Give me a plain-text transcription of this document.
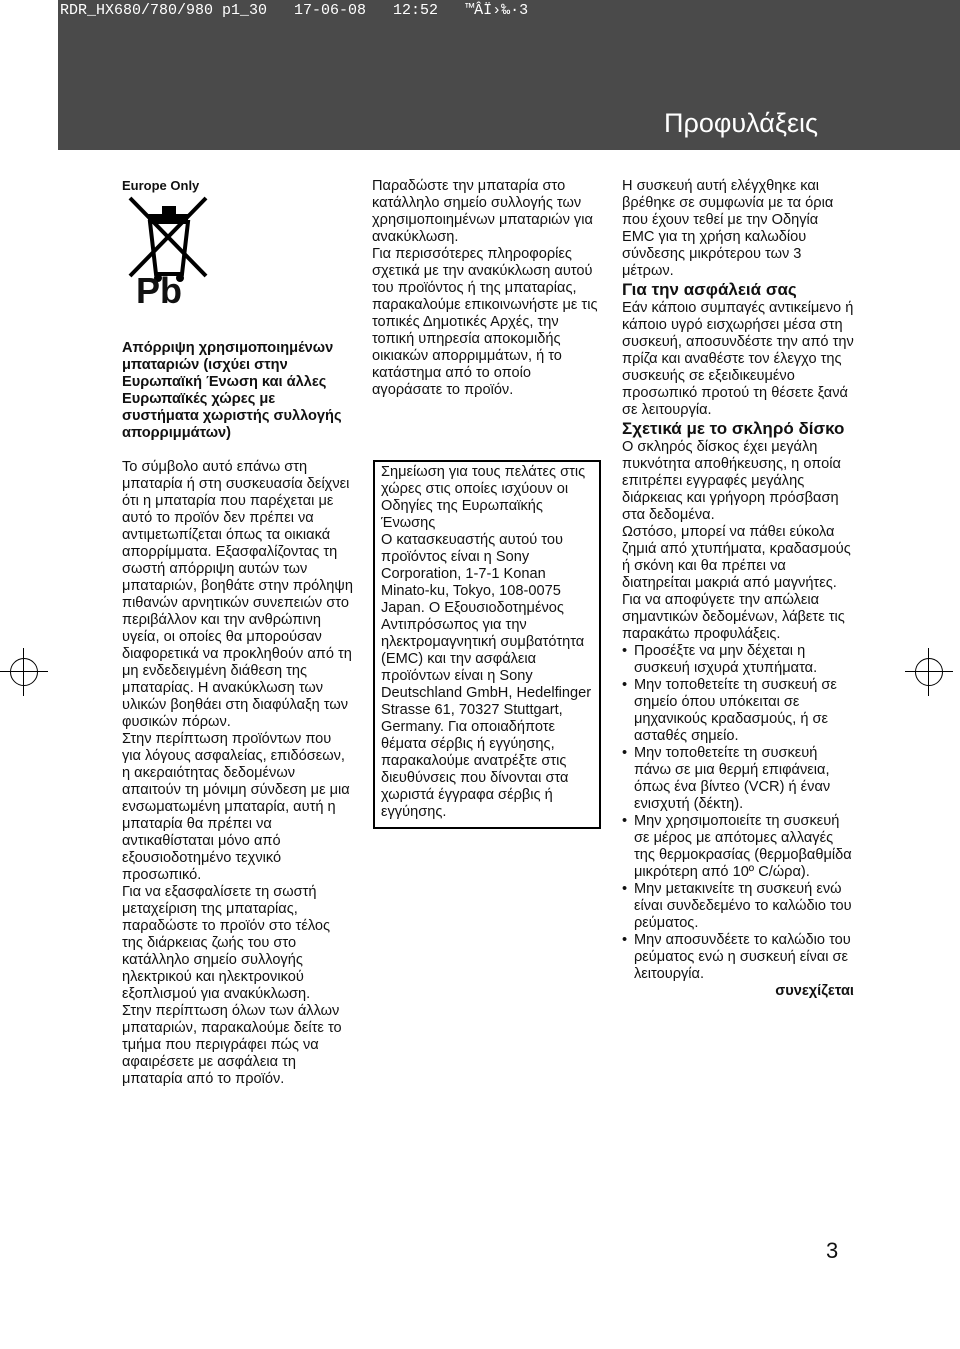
RDR_HX680/780/980 p1_30   17-06-08   12:52   ™ÂÏ›‰·3
Προφυλάξεις
Europe Only
Pb

Απόρριψη χρησιμοποιημένων μπαταριών (ισχύει στην Ευρωπαϊκή Ένωση και άλλες Ευρωπαϊκές χώρες με συστήματα χωριστής συλλογής απορριμμάτων)

Το σύμβολο αυτό επάνω στη μπαταρία ή στη συσκευασία δείχνει ότι η μπαταρία που παρέχεται με αυτό το προϊόν δεν πρέπει να αντιμετωπίζεται όπως τα οικιακά απορρίμματα. Εξασφαλίζοντας τη σωστή απόρριψη αυτών των μπαταριών, βοηθάτε στην πρόληψη πιθανών αρνητικών συνεπειών στο περιβάλλον και την ανθρώπινη υγεία, οι οποίες θα μπορούσαν διαφορετικά να προκληθούν από τη μη ενδεδειγμένη διάθεση της μπαταρίας. Η ανακύκλωση των υλικών βοηθάει στη διαφύλαξη των φυσικών πόρων.

Στην περίπτωση προϊόντων που για λόγους ασφαλείας, επιδόσεων, η ακεραιότητας δεδομένων απαιτούν τη μόνιμη σύνδεση με μια ενσωματωμένη μπαταρία, αυτή η μπαταρία θα πρέπει να αντικαθίσταται μόνο από εξουσιοδοτημένο τεχνικό προσωπικό.

Για να εξασφαλίσετε τη σωστή μεταχείριση της μπαταρίας, παραδώστε το προϊόν στο τέλος της διάρκειας ζωής του στο κατάλληλο σημείο συλλογής ηλεκτρικού και ηλεκτρονικού εξοπλισμού για ανακύκλωση.

Στην περίπτωση όλων των άλλων μπαταριών, παρακαλούμε δείτε το τμήμα που περιγράφει πώς να αφαιρέσετε με ασφάλεια τη μπαταρία από το προϊόν.

Παραδώστε την μπαταρία στο κατάλληλο σημείο συλλογής των χρησιμοποιημένων μπαταριών για ανακύκλωση.

Για περισσότερες πληροφορίες σχετικά με την ανακύκλωση αυτού του προϊόντος ή της μπαταρίας, παρακαλούμε επικοινωνήστε με τις τοπικές Δημοτικές Αρχές, την τοπική υπηρεσία αποκομιδής οικιακών απορριμμάτων, ή το κατάστημα από το οποίο αγοράσατε το προϊόν.

Σημείωση για τους πελάτες στις χώρες στις οποίες ισχύουν οι Οδηγίες της Ευρωπαϊκής Ένωσης

Ο κατασκευαστής αυτού του προϊόντος είναι η Sony Corporation, 1-7-1 Konan Minato-ku, Tokyo, 108-0075 Japan. Ο Εξουσιοδοτημένος Αντιπρόσωπος για την ηλεκτρομαγνητική συμβατότητα (EMC) και την ασφάλεια προϊόντων είναι η Sony Deutschland GmbH, Hedelfinger Strasse 61, 70327 Stuttgart, Germany. Για οποιαδήποτε θέματα σέρβις ή εγγύησης, παρακαλούμε ανατρέξτε στις διευθύνσεις που δίνονται στα χωριστά έγγραφα σέρβις ή εγγύησης.

Η συσκευή αυτή ελέγχθηκε και βρέθηκε σε συμφωνία με τα όρια που έχουν τεθεί με την Οδηγία EMC για τη χρήση καλωδίου σύνδεσης μικρότερου των 3 μέτρων.

Για την ασφάλειά σας

Εάν κάποιο συμπαγές αντικείμενο ή κάποιο υγρό εισχωρήσει μέσα στη συσκευή, αποσυνδέστε την από την πρίζα και αναθέστε τον έλεγχο της συσκευής σε εξειδικευμένο προσωπικό προτού τη θέσετε ξανά σε λειτουργία.

Σχετικά με το σκληρό δίσκο

Ο σκληρός δίσκος έχει μεγάλη πυκνότητα αποθήκευσης, η οποία επιτρέπει εγγραφές μεγάλης διάρκειας και γρήγορη πρόσβαση στα δεδομένα.

Ωστόσο, μπορεί να πάθει εύκολα ζημιά από χτυπήματα, κραδασμούς ή σκόνη και θα πρέπει να διατηρείται μακριά από μαγνήτες. Για να αποφύγετε την απώλεια σημαντικών δεδομένων, λάβετε τις παρακάτω προφυλάξεις.

• Προσέξτε να μην δέχεται η συσκευή ισχυρά χτυπήματα.
• Μην τοποθετείτε τη συσκευή σε σημείο όπου υπόκειται σε μηχανικούς κραδασμούς, ή σε ασταθές σημείο.
• Μην τοποθετείτε τη συσκευή πάνω σε μια θερμή επιφάνεια, όπως ένα βίντεο (VCR) ή έναν ενισχυτή (δέκτη).
• Μην χρησιμοποιείτε τη συσκευή σε μέρος με απότομες αλλαγές της θερμοκρασίας (θερμοβαθμίδα μικρότερη από 10º C/ώρα).
• Μην μετακινείτε τη συσκευή ενώ είναι συνδεδεμένο το καλώδιο του ρεύματος.
• Μην αποσυνδέετε το καλώδιο του ρεύματος ενώ η συσκευή είναι σε λειτουργία.

συνεχίζεται

3
